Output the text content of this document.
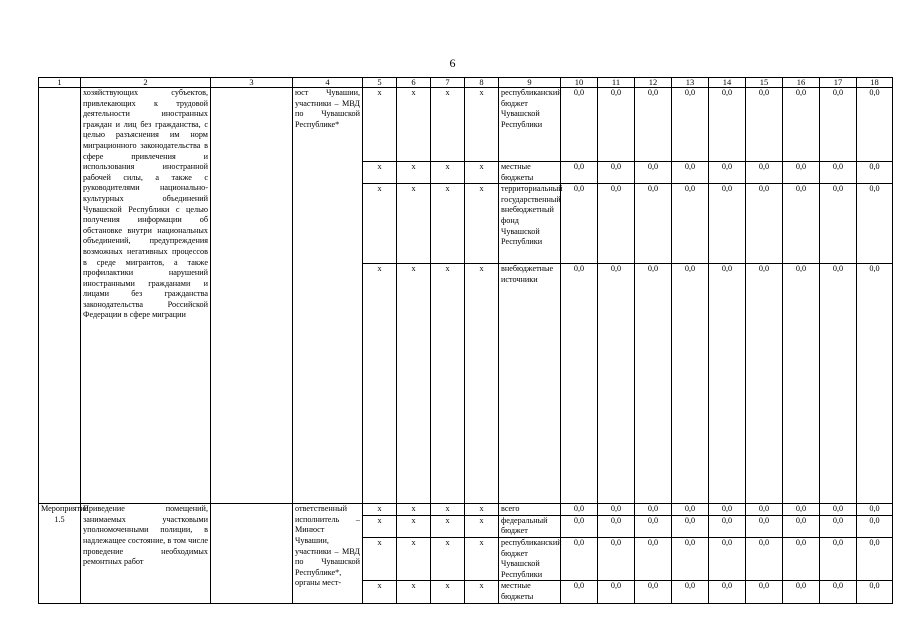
6
1	2	3	4	5	6	7	8	9	10	11	12	13	14	15	16	17	18
	хозяйствующих субъектов, привлекающих к трудовой деятельности иностранных граждан и лиц без гражданства, с целью разъяснения им норм миграционного законодательства в сфере привлечения и использования иностранной рабочей силы, а также с руководителями национально-культурных объединений Чувашской Республики с целью получения информации об обстановке внутри национальных объединений, предупреждения возможных негативных процессов в среде мигрантов, а также профилактики нарушений иностранными гражданами и лицами без гражданства законодательства Российской Федерации в сфере миграции		юст Чувашии, участники – МВД по Чувашской Республике*	x	x	x	x	республиканский бюджет Чувашской Республики	0,0	0,0	0,0	0,0	0,0	0,0	0,0	0,0	0,0
				x	x	x	x	местные бюджеты	0,0	0,0	0,0	0,0	0,0	0,0	0,0	0,0	0,0
				x	x	x	x	территориальный государственный внебюджетный фонд Чувашской Республики	0,0	0,0	0,0	0,0	0,0	0,0	0,0	0,0	0,0
				x	x	x	x	внебюджетные источники	0,0	0,0	0,0	0,0	0,0	0,0	0,0	0,0	0,0
Мероприятие 1.5	Приведение помещений, занимаемых участковыми уполномоченными полиции, в надлежащее состояние, в том числе проведение необходимых ремонтных работ		ответственный исполнитель – Минюст Чувашии, участники – МВД по Чувашской Республике*, органы мест-	x	x	x	x	всего	0,0	0,0	0,0	0,0	0,0	0,0	0,0	0,0	0,0
				x	x	x	x	федеральный бюджет	0,0	0,0	0,0	0,0	0,0	0,0	0,0	0,0	0,0
				x	x	x	x	республиканский бюджет Чувашской Республики	0,0	0,0	0,0	0,0	0,0	0,0	0,0	0,0	0,0
				x	x	x	x	местные бюджеты	0,0	0,0	0,0	0,0	0,0	0,0	0,0	0,0	0,0
